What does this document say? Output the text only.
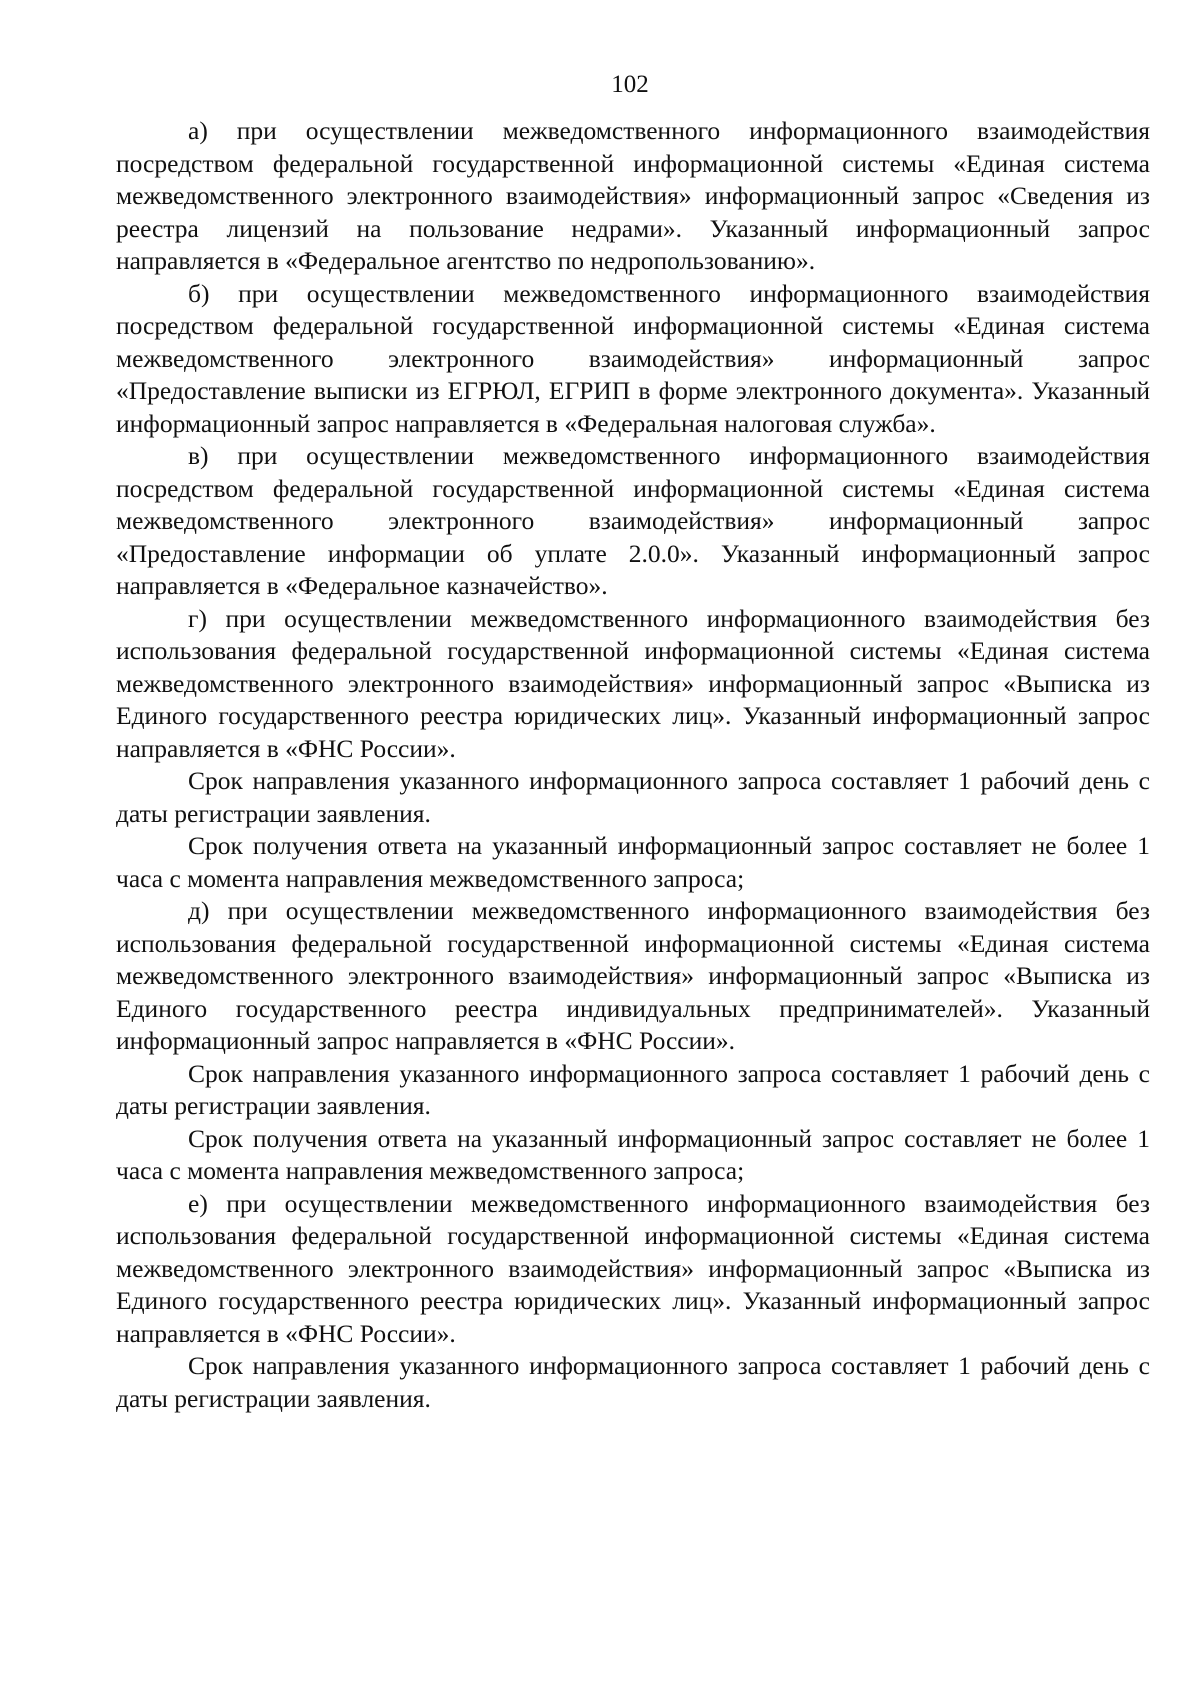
102

а) при осуществлении межведомственного информационного взаимодействия посредством федеральной государственной информационной системы «Единая система межведомственного электронного взаимодействия» информационный запрос «Сведения из реестра лицензий на пользование недрами». Указанный информационный запрос направляется в «Федеральное агентство по недропользованию».

б) при осуществлении межведомственного информационного взаимодействия посредством федеральной государственной информационной системы «Единая система межведомственного электронного взаимодействия» информационный запрос «Предоставление выписки из ЕГРЮЛ, ЕГРИП в форме электронного документа». Указанный информационный запрос направляется в «Федеральная налоговая служба».

в) при осуществлении межведомственного информационного взаимодействия посредством федеральной государственной информационной системы «Единая система межведомственного электронного взаимодействия» информационный запрос «Предоставление информации об уплате 2.0.0». Указанный информационный запрос направляется в «Федеральное казначейство».

г) при осуществлении межведомственного информационного взаимодействия без использования федеральной государственной информационной системы «Единая система межведомственного электронного взаимодействия» информационный запрос «Выписка из Единого государственного реестра юридических лиц». Указанный информационный запрос направляется в «ФНС России».

Срок направления указанного информационного запроса составляет 1 рабочий день с даты регистрации заявления.

Срок получения ответа на указанный информационный запрос составляет не более 1 часа с момента направления межведомственного запроса;

д) при осуществлении межведомственного информационного взаимодействия без использования федеральной государственной информационной системы «Единая система межведомственного электронного взаимодействия» информационный запрос «Выписка из Единого государственного реестра индивидуальных предпринимателей». Указанный информационный запрос направляется в «ФНС России».

Срок направления указанного информационного запроса составляет 1 рабочий день с даты регистрации заявления.

Срок получения ответа на указанный информационный запрос составляет не более 1 часа с момента направления межведомственного запроса;

е) при осуществлении межведомственного информационного взаимодействия без использования федеральной государственной информационной системы «Единая система межведомственного электронного взаимодействия» информационный запрос «Выписка из Единого государственного реестра юридических лиц». Указанный информационный запрос направляется в «ФНС России».

Срок направления указанного информационного запроса составляет 1 рабочий день с даты регистрации заявления.
